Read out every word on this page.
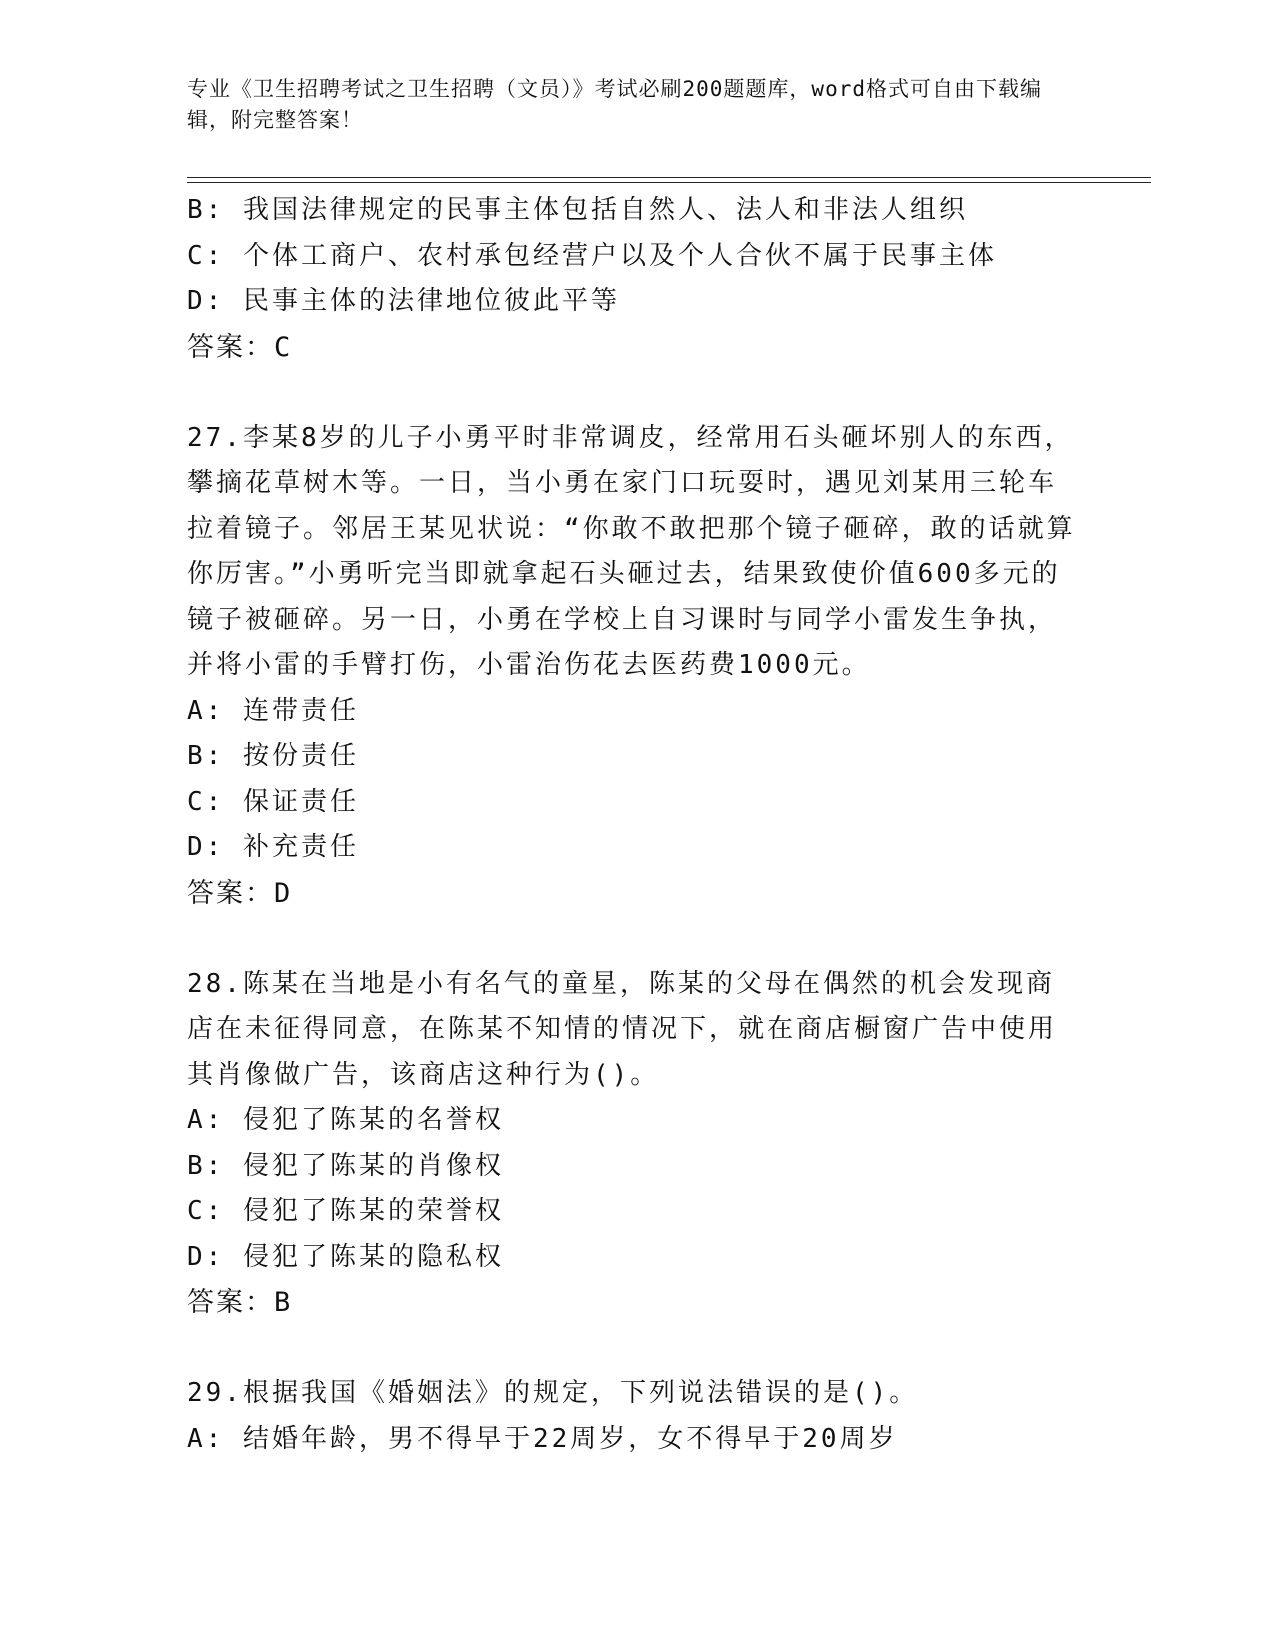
专业《卫生招聘考试之卫生招聘（文员）》考试必刷200题题库，word格式可自由下载编辑，附完整答案！
B: 我国法律规定的民事主体包括自然人、法人和非法人组织
C: 个体工商户、农村承包经营户以及个人合伙不属于民事主体
D: 民事主体的法律地位彼此平等
答案：C
27.李某8岁的儿子小勇平时非常调皮，经常用石头砸坏别人的东西，攀摘花草树木等。一日，当小勇在家门口玩耍时，遇见刘某用三轮车拉着镜子。邻居王某见状说：“你敢不敢把那个镜子砸碎，敢的话就算你厉害。”小勇听完当即就拿起石头砸过去，结果致使价值600多元的镜子被砸碎。另一日，小勇在学校上自习课时与同学小雷发生争执，并将小雷的手臂打伤，小雷治伤花去医药费1000元。
A: 连带责任
B: 按份责任
C: 保证责任
D: 补充责任
答案：D
28.陈某在当地是小有名气的童星，陈某的父母在偶然的机会发现商店在未征得同意，在陈某不知情的情况下，就在商店橱窗广告中使用其肖像做广告，该商店这种行为()。
A: 侵犯了陈某的名誉权
B: 侵犯了陈某的肖像权
C: 侵犯了陈某的荣誉权
D: 侵犯了陈某的隐私权
答案：B
29.根据我国《婚姻法》的规定，下列说法错误的是()。
A: 结婚年龄，男不得早于22周岁，女不得早于20周岁
